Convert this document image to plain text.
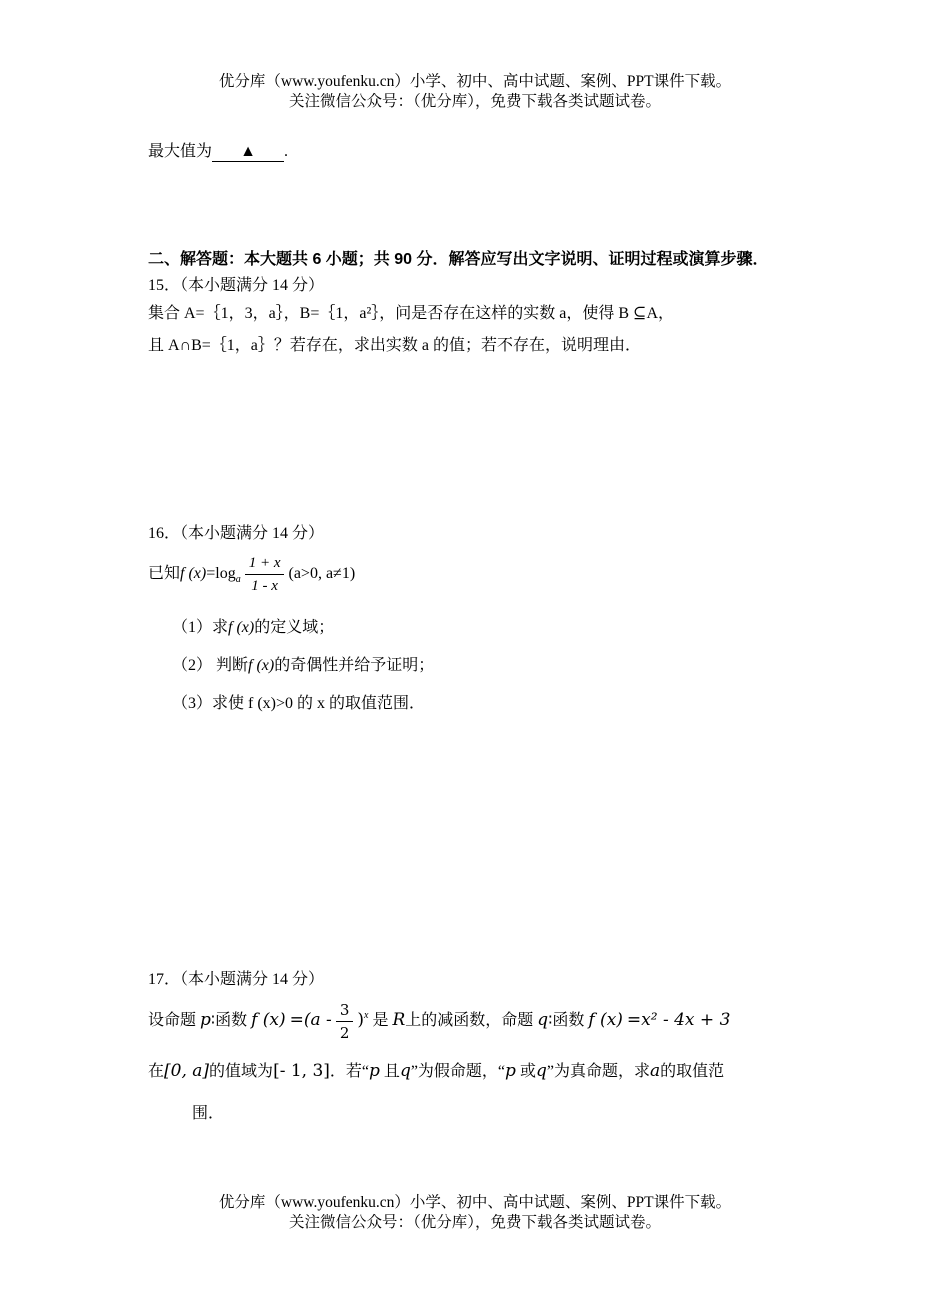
优分库（www.youfenku.cn）小学、初中、高中试题、案例、PPT课件下载。
关注微信公众号：（优分库），免费下载各类试题试卷。
最大值为 ▲ .
二、解答题：本大题共 6 小题；共 90 分．解答应写出文字说明、证明过程或演算步骤．
15．（本小题满分 14 分）
集合 A=｛1，3，a｝，B=｛1，a²｝，问是否存在这样的实数 a，使得 B ⊆A，
且 A∩B=｛1，a｝？若存在，求出实数 a 的值；若不存在，说明理由．
16．（本小题满分 14 分）
已知f $(x)=\log_a \frac{1 + x}{1 - x} (a>0$, a≠1)
（1）求f (x)的定义域；
（2） 判断f (x)的奇偶性并给予证明；
（3）求使 f (x)>0 的 x 的取值范围．
17．（本小题满分 14 分）
设命题 p∶函数 f $(x) =(a - \frac{3}{2} )^x$ 是 R上的减函数，命题 q∶函数 f (x) =x² - 4x + 3
在[0, a]的值域为[- 1, 3]．若“p 且q”为假命题，“p 或q”为真命题，求a的取值范
围．
优分库（www.youfenku.cn）小学、初中、高中试题、案例、PPT课件下载。
关注微信公众号：（优分库），免费下载各类试题试卷。
